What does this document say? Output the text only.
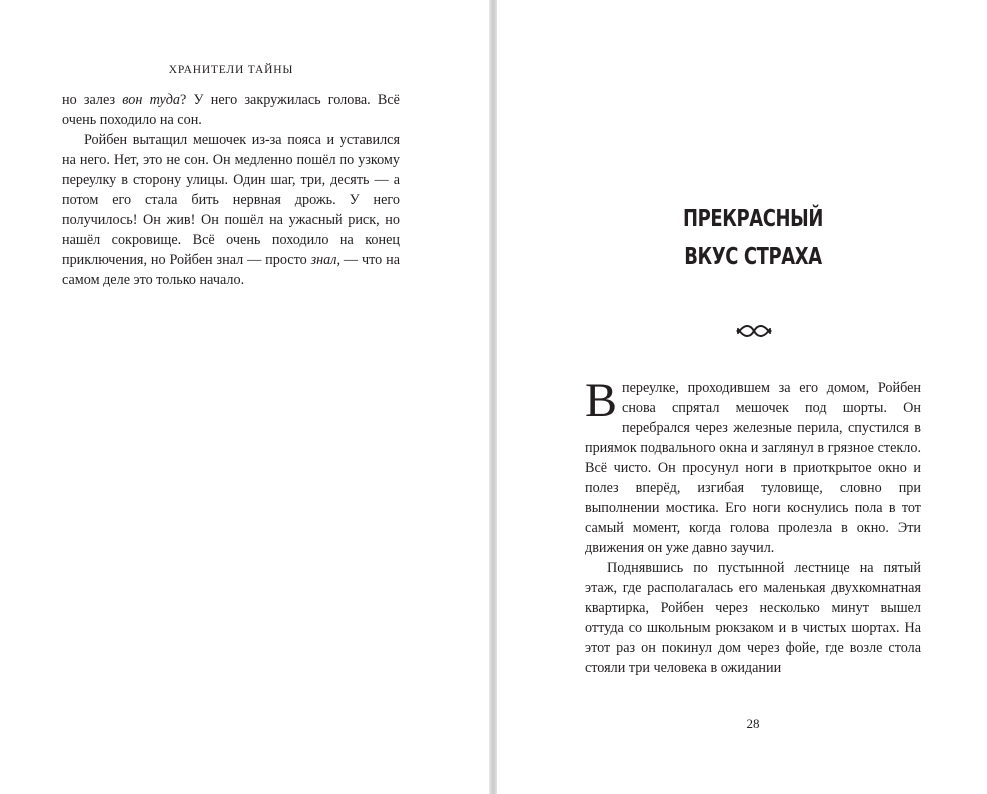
ХРАНИТЕЛИ ТАЙНЫ

но залез вон туда? У него закружилась голова. Всё очень походило на сон.

Ройбен вытащил мешочек из-за пояса и уставился на него. Нет, это не сон. Он медленно пошёл по узкому переулку в сторону улицы. Один шаг, три, десять — а потом его стала бить нервная дрожь. У него получилось! Он жив! Он пошёл на ужасный риск, но нашёл сокровище. Всё очень походило на конец приключения, но Ройбен знал — просто знал, — что на самом деле это только начало.

ПРЕКРАСНЫЙ
ВКУС СТРАХА

В переулке, проходившем за его домом, Ройбен снова спрятал мешочек под шорты. Он перебрался через железные перила, спустился в приямок подвального окна и заглянул в грязное стекло. Всё чисто. Он просунул ноги в приоткрытое окно и полез вперёд, изгибая туловище, словно при выполнении мостика. Его ноги коснулись пола в тот самый момент, когда голова пролезла в окно. Эти движения он уже давно заучил.

Поднявшись по пустынной лестнице на пятый этаж, где располагалась его маленькая двухкомнатная квартирка, Ройбен через несколько минут вышел оттуда со школьным рюкзаком и в чистых шортах. На этот раз он покинул дом через фойе, где возле стола стояли три человека в ожидании

28
